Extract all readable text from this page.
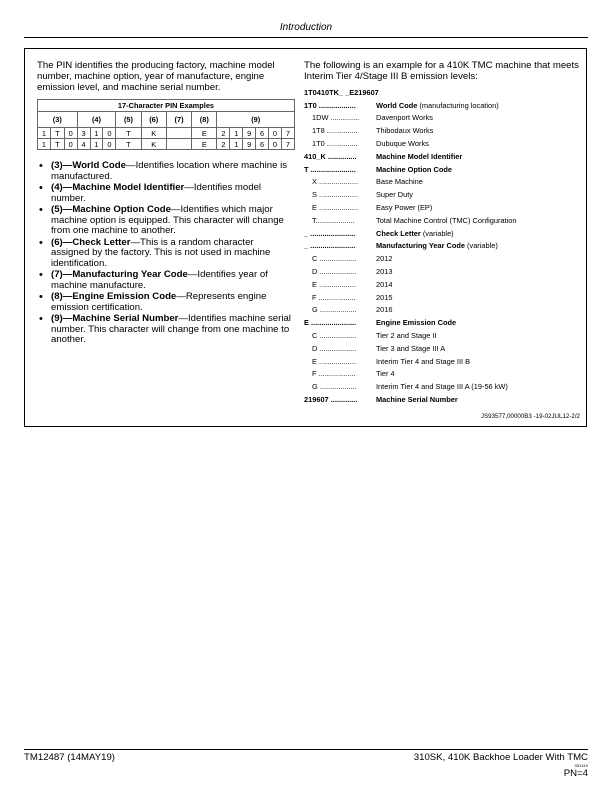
Introduction

The PIN identifies the producing factory, machine model number, machine option, year of manufacture, engine emission level, and machine serial number.

17-Character PIN Examples															
(3)			(4)			(5)	(6)	(7)	(8)	(9)					
1	T	0	3	1	0	T	K		E	2	1	9	6	0	7
1	T	0	4	1	0	T	K		E	2	1	9	6	0	7
• (3)—World Code—Identifies location where machine is manufactured.
• (4)—Machine Model Identifier—Identifies model number.
• (5)—Machine Option Code—Identifies which major machine option is equipped. This character will change from one machine to another.
• (6)—Check Letter—This is a random character assigned by the factory. This is not used in machine identification.
• (7)—Manufacturing Year Code—Identifies year of machine manufacture.
• (8)—Engine Emission Code—Represents engine emission certification.
• (9)—Machine Serial Number—Identifies machine serial number. This character will change from one machine to another.

The following is an example for a 410K TMC machine that meets Interim Tier 4/Stage III B emission levels:

1T0410TK_ _E219607
1T0 ..................	World Code (manufacturing location)
1DW ..............	Davenport Works
1T8 ...............	Thibodaux Works
1T0 ...............	Dubuque Works
410_K ..............	Machine Model Identifier
T ......................	Machine Option Code
X ...................	Base Machine
S ...................	Super Duty
E ...................	Easy Power (EP)
T...................	Total Machine Control (TMC) Configuration
_ ......................	Check Letter (variable)
_ ......................	Manufacturing Year Code (variable)
C ..................	2012
D ..................	2013
E ..................	2014
F ..................	2015
G ..................	2016
E ......................	Engine Emission Code
C ..................	Tier 2 and Stage II
D ..................	Tier 3 and Stage III A
E ..................	Interim Tier 4 and Stage III B
F ..................	Tier 4
G ..................	Interim Tier 4 and Stage III A (19-56 kW)
219607 .............	Machine Serial Number
JS93577,00000B3 -19-02JUL12-2/2
TM12487 (14MAY19)	310SK, 410K Backhoe Loader With TMC
051419
PN=4
